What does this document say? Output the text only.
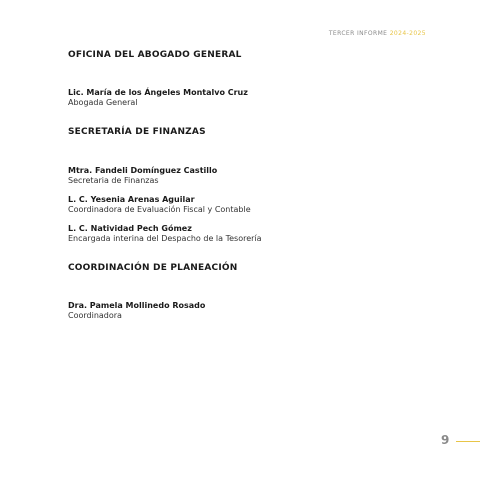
TERCER INFORME 2024-2025
OFICINA DEL ABOGADO GENERAL
Lic. María de los Ángeles Montalvo Cruz
Abogada General
SECRETARÍA DE FINANZAS
Mtra. Fandeli Domínguez Castillo
Secretaria de Finanzas
L. C. Yesenia Arenas Aguilar
Coordinadora de Evaluación Fiscal y Contable
L. C. Natividad Pech Gómez
Encargada interina del Despacho de la Tesorería
COORDINACIÓN DE PLANEACIÓN
Dra. Pamela Mollinedo Rosado
Coordinadora
9
